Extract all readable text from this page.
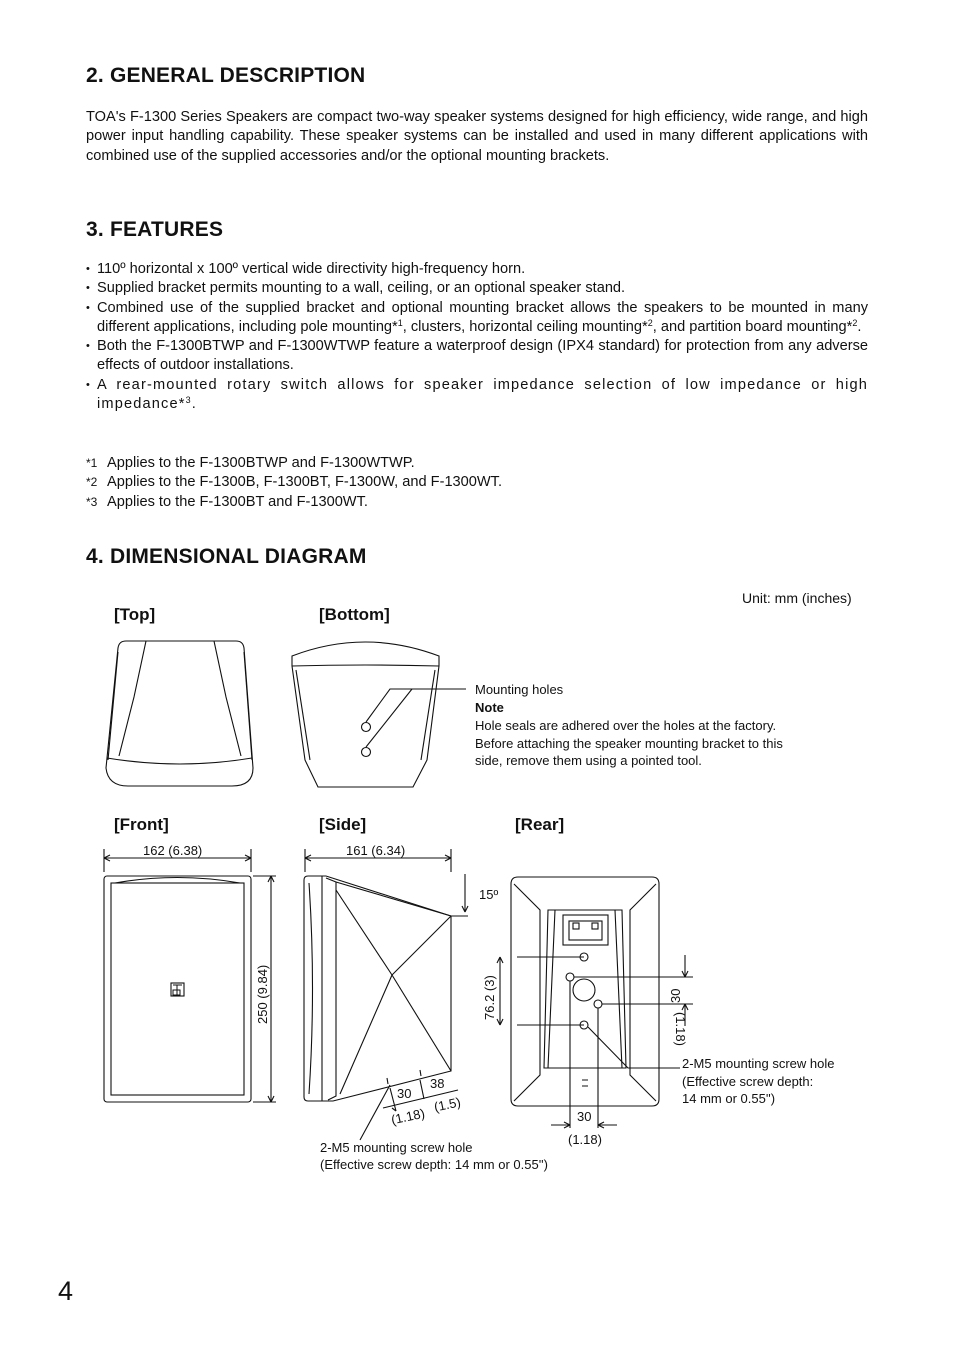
2. GENERAL DESCRIPTION

TOA's F-1300 Series Speakers are compact two-way speaker systems designed for high efficiency, wide range, and high power input handling capability. These speaker systems can be installed and used in many different applications with combined use of the supplied accessories and/or the optional mounting brackets.

3. FEATURES
• 110º horizontal x 100º vertical wide directivity high-frequency horn.
• Supplied bracket permits mounting to a wall, ceiling, or an optional speaker stand.
• Combined use of the supplied bracket and optional mounting bracket allows the speakers to be mounted in many different applications, including pole mounting*$^1$, clusters, horizontal ceiling mounting*$^2$, and partition board mounting*$^2$.
• Both the F-1300BTWP and F-1300WTWP feature a waterproof design (IPX4 standard) for protection from any adverse effects of outdoor installations.
• A rear-mounted rotary switch allows for speaker impedance selection of low impedance or high impedance*$^3$.
*1 Applies to the F-1300BTWP and F-1300WTWP.
*2 Applies to the F-1300B, F-1300BT, F-1300W, and F-1300WT.
*3 Applies to the F-1300BT and F-1300WT.
4. DIMENSIONAL DIAGRAM
Unit: mm (inches)
[Top]	[Bottom]
[Front]	[Side]	[Rear]
Mounting holes
Note
Hole seals are adhered over the holes at the factory.
Before attaching the speaker mounting bracket to this
side, remove them using a pointed tool.
162 (6.38)
250 (9.84)
161 (6.34)
15º
30
(1.18)
38
(1.5)
76.2 (3)	30
(1.18)
30
(1.18)
2-M5 mounting screw hole
(Effective screw depth: 14 mm or 0.55'')
2-M5 mounting screw hole
(Effective screw depth:
14 mm or 0.55'')
4
